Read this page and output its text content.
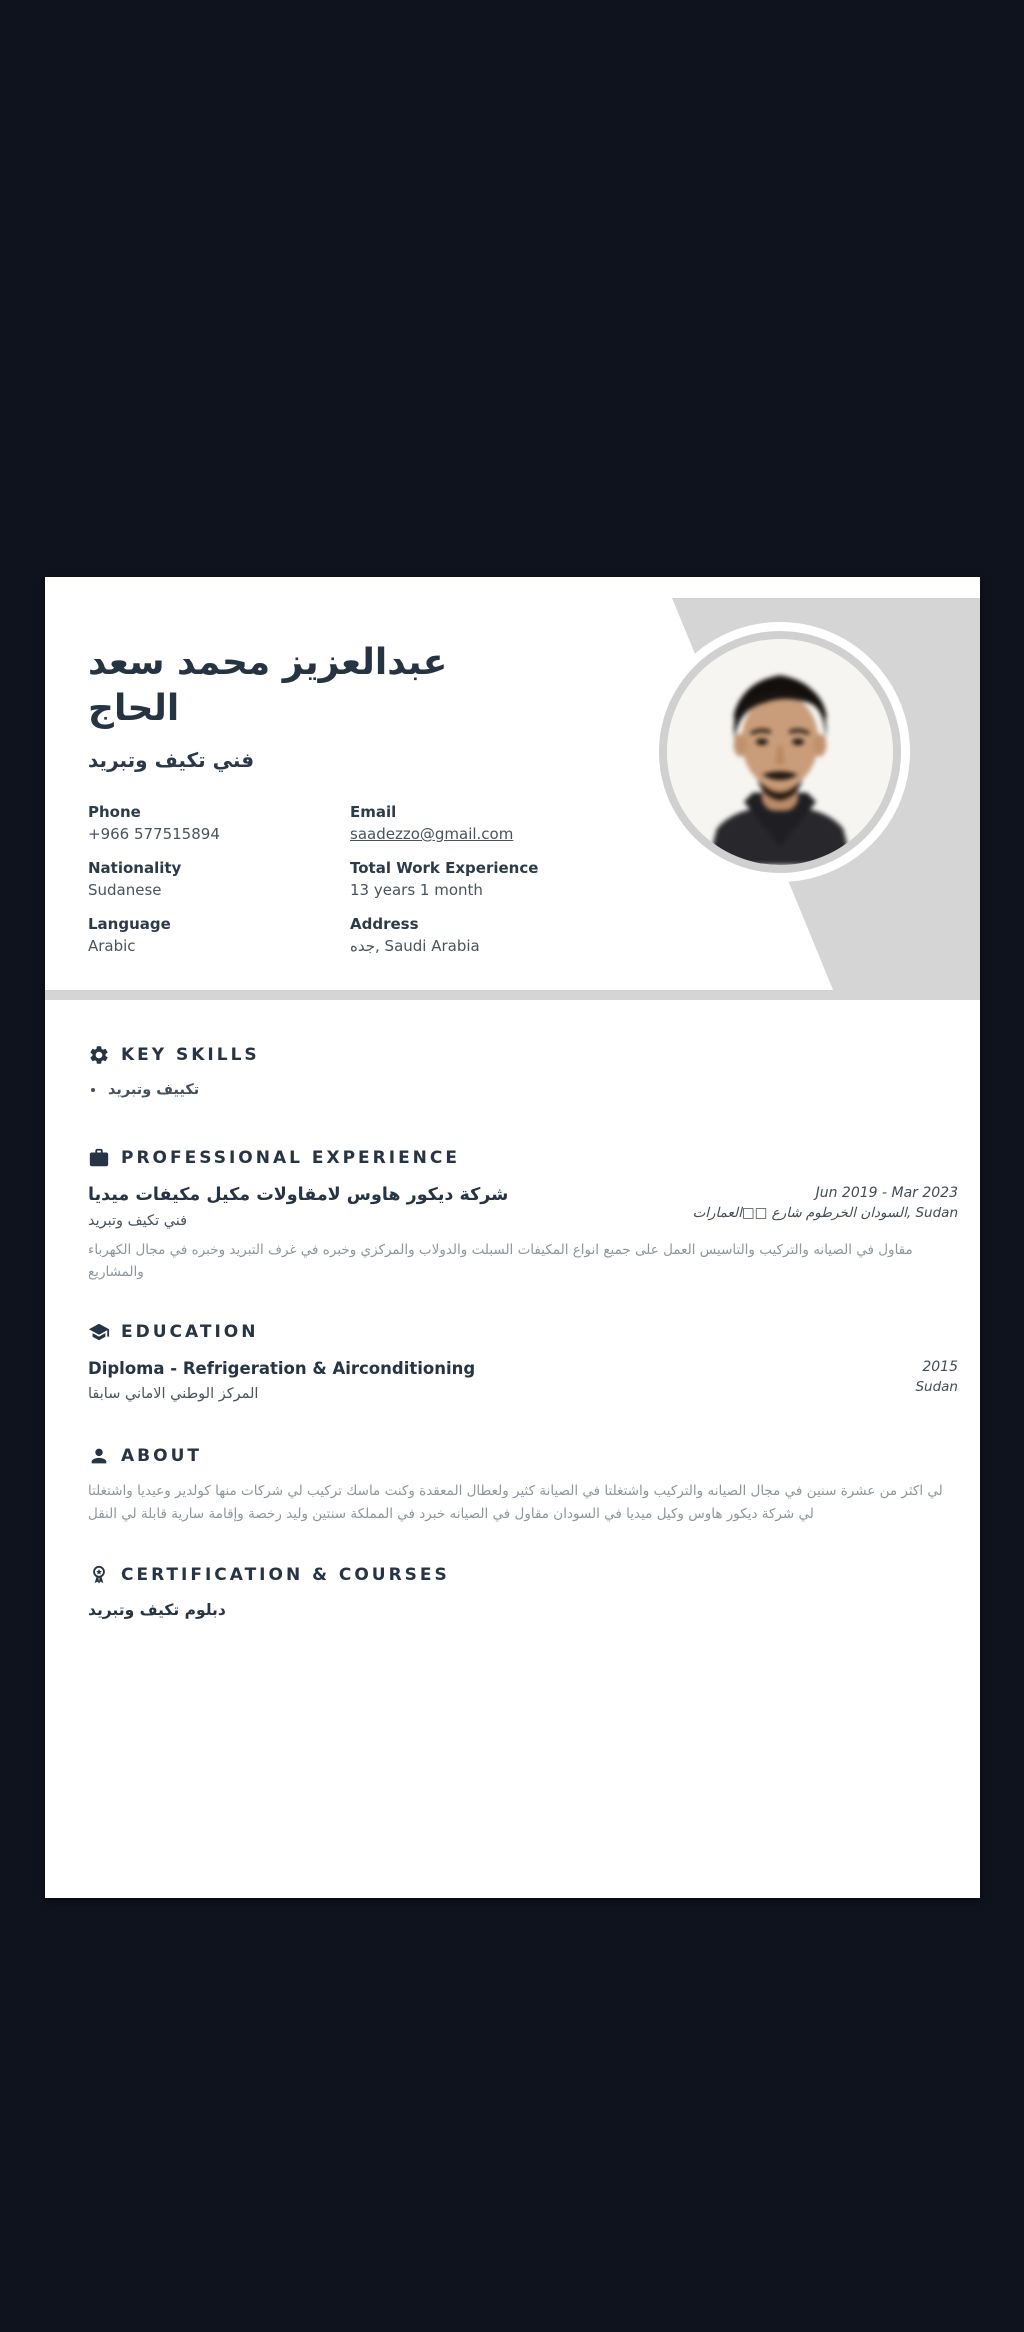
عبدالعزيز محمد سعد الحاج
فني تكيف وتبريد
Phone
+966 577515894
Email
saadezzo@gmail.com
Nationality
Sudanese
Total Work Experience
13 years 1 month
Language
Arabic
Address
جده, Saudi Arabia
KEY SKILLS
تكييف وتبريد
PROFESSIONAL EXPERIENCE
شركة ديكور هاوس لامقاولات مكيل مكيفات ميديا
فني تكيف وتبريد
Jun 2019 - Mar 2023
السودان الخرطوم شارع □□العمارات, Sudan

مقاول في الصيانه والتركيب والتاسيس العمل على جميع انواع المكيفات السبلت والدولاب والمركزي وخبره في غرف التبريد وخبره في مجال الكهرباء والمشاريع

EDUCATION
Diploma - Refrigeration & Airconditioning
المركز الوطني الاماني سابقا
2015
Sudan
ABOUT

لي اكثر من عشرة سنين في مجال الصيانه والتركيب واشتغلتا في الصيانة كثير ولعطال المعقدة وكنت ماسك تركيب لي شركات منها كولدير وعيديا واشتغلتا لي شركة ديكور هاوس وكيل ميديا في السودان مقاول في الصيانه خبرد في المملكة سنتين وليد رخصة وإقامة سارية قابلة لي النقل

CERTIFICATION & COURSES
دبلوم تكيف وتبريد
